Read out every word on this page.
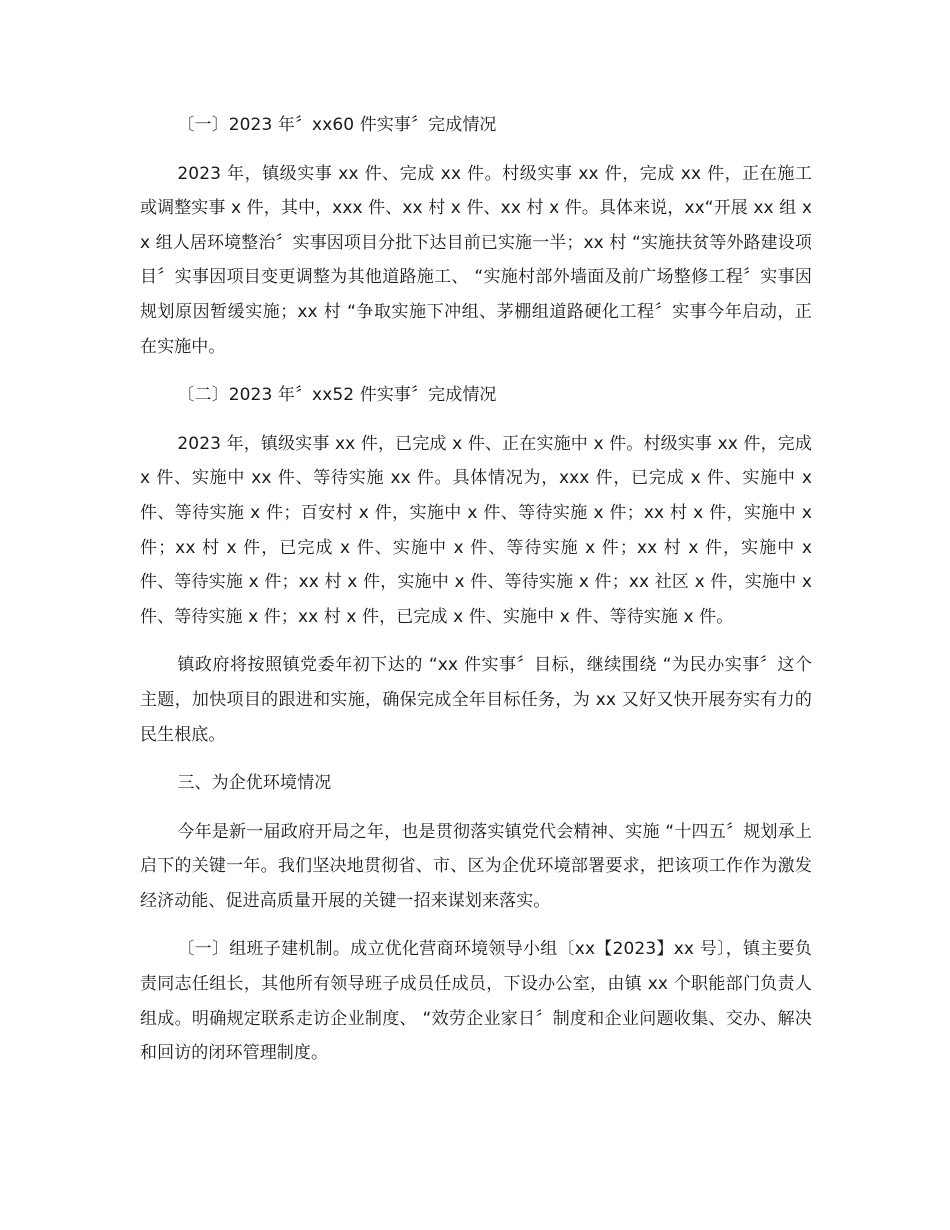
〔一〕2023 年〞xx60 件实事〞完成情况

2023 年，镇级实事 xx 件、完成 xx 件。村级实事 xx 件，完成 xx 件，正在施工或调整实事 x 件，其中，xxx 件、xx 村 x 件、xx 村 x 件。具体来说，xx“开展 xx 组 xx 组人居环境整治〞实事因项目分批下达目前已实施一半；xx 村 “实施扶贫等外路建设项目〞实事因项目变更调整为其他道路施工、 “实施村部外墙面及前广场整修工程〞实事因规划原因暂缓实施；xx 村 “争取实施下冲组、茅棚组道路硬化工程〞实事今年启动，正在实施中。

〔二〕2023 年〞xx52 件实事〞完成情况

2023 年，镇级实事 xx 件，已完成 x 件、正在实施中 x 件。村级实事 xx 件，完成 x 件、实施中 xx 件、等待实施 xx 件。具体情况为，xxx 件，已完成 x 件、实施中 x 件、等待实施 x 件；百安村 x 件，实施中 x 件、等待实施 x 件；xx 村 x 件，实施中 x 件；xx 村 x 件，已完成 x 件、实施中 x 件、等待实施 x 件；xx 村 x 件，实施中 x 件、等待实施 x 件；xx 村 x 件，实施中 x 件、等待实施 x 件；xx 社区 x 件，实施中 x 件、等待实施 x 件；xx 村 x 件，已完成 x 件、实施中 x 件、等待实施 x 件。

镇政府将按照镇党委年初下达的 “xx 件实事〞目标，继续围绕 “为民办实事〞这个主题，加快项目的跟进和实施，确保完成全年目标任务，为 xx 又好又快开展夯实有力的民生根底。

三、为企优环境情况

今年是新一届政府开局之年，也是贯彻落实镇党代会精神、实施 “十四五〞规划承上启下的关键一年。我们坚决地贯彻省、市、区为企优环境部署要求，把该项工作作为激发经济动能、促进高质量开展的关键一招来谋划来落实。

〔一〕组班子建机制。成立优化营商环境领导小组〔xx【2023】xx 号〕，镇主要负责同志任组长，其他所有领导班子成员任成员，下设办公室，由镇 xx 个职能部门负责人组成。明确规定联系走访企业制度、 “效劳企业家日〞制度和企业问题收集、交办、解决和回访的闭环管理制度。
